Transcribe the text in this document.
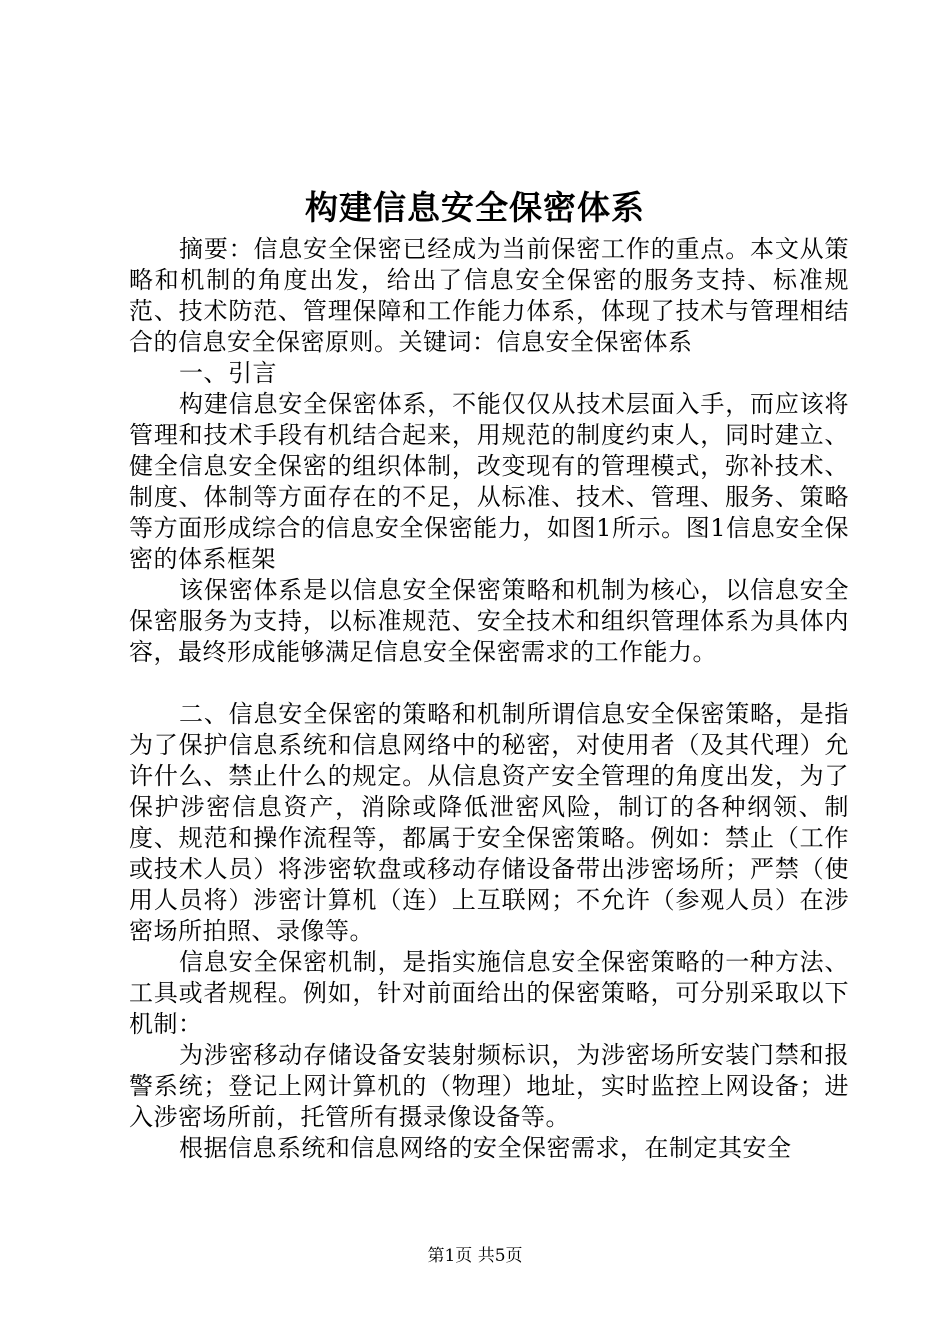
构建信息安全保密体系

摘要：信息安全保密已经成为当前保密工作的重点。本文从策略和机制的角度出发，给出了信息安全保密的服务支持、标准规范、技术防范、管理保障和工作能力体系，体现了技术与管理相结合的信息安全保密原则。关键词：信息安全保密体系

一、引言

构建信息安全保密体系，不能仅仅从技术层面入手，而应该将管理和技术手段有机结合起来，用规范的制度约束人，同时建立、健全信息安全保密的组织体制，改变现有的管理模式，弥补技术、制度、体制等方面存在的不足，从标准、技术、管理、服务、策略等方面形成综合的信息安全保密能力，如图1所示。图1信息安全保密的体系框架

该保密体系是以信息安全保密策略和机制为核心，以信息安全保密服务为支持，以标准规范、安全技术和组织管理体系为具体内容，最终形成能够满足信息安全保密需求的工作能力。

二、信息安全保密的策略和机制所谓信息安全保密策略，是指为了保护信息系统和信息网络中的秘密，对使用者（及其代理）允许什么、禁止什么的规定。从信息资产安全管理的角度出发，为了保护涉密信息资产，消除或降低泄密风险，制订的各种纲领、制度、规范和操作流程等，都属于安全保密策略。例如：禁止（工作或技术人员）将涉密软盘或移动存储设备带出涉密场所；严禁（使用人员将）涉密计算机（连）上互联网；不允许（参观人员）在涉密场所拍照、录像等。

信息安全保密机制，是指实施信息安全保密策略的一种方法、工具或者规程。例如，针对前面给出的保密策略，可分别采取以下机制：

为涉密移动存储设备安装射频标识，为涉密场所安装门禁和报警系统；登记上网计算机的（物理）地址，实时监控上网设备；进入涉密场所前，托管所有摄录像设备等。

根据信息系统和信息网络的安全保密需求，在制定其安全

第1页 共5页
